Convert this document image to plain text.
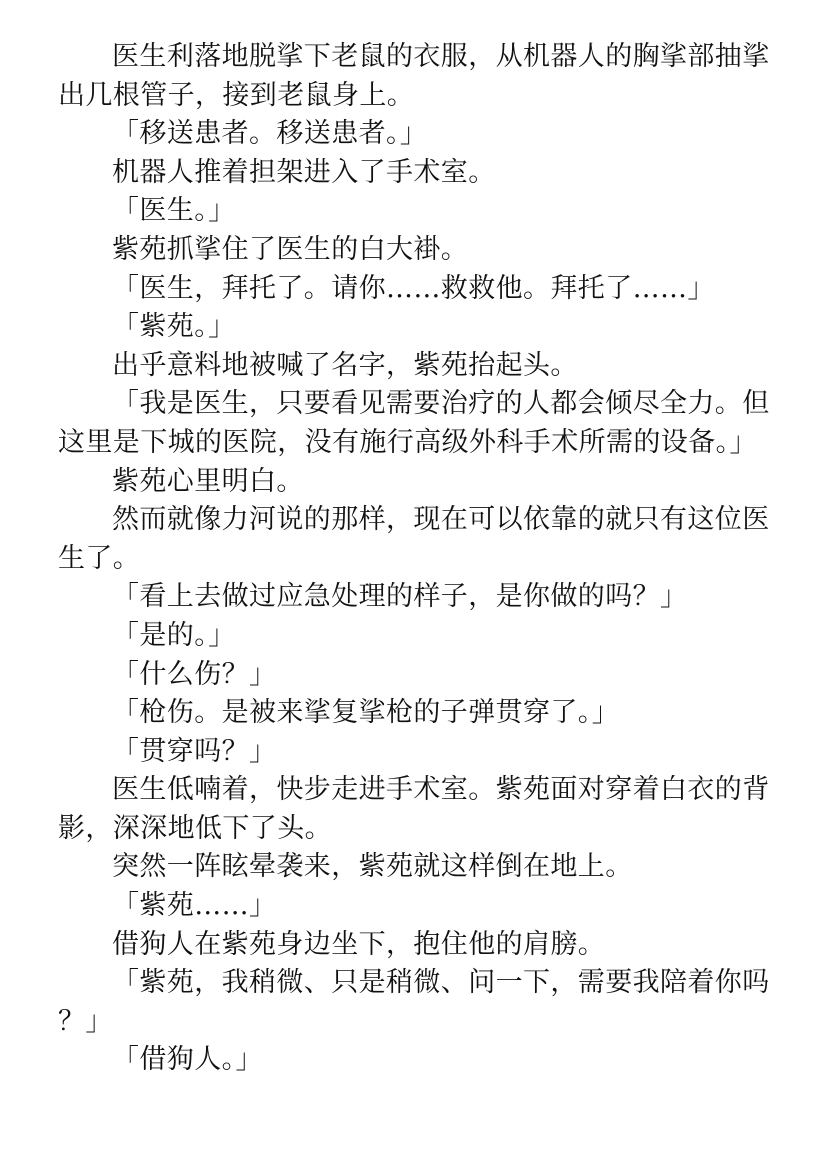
医生利落地脱挲下老鼠的衣服，从机器人的胸挲部抽挲出几根管子，接到老鼠身上。

「移送患者。移送患者。」

机器人推着担架进入了手术室。

「医生。」

紫苑抓挲住了医生的白大褂。

「医生，拜托了。请你……救救他。拜托了……」

「紫苑。」

出乎意料地被喊了名字，紫苑抬起头。

「我是医生，只要看见需要治疗的人都会倾尽全力。但这里是下城的医院，没有施行高级外科手术所需的设备。」

紫苑心里明白。

然而就像力河说的那样，现在可以依靠的就只有这位医生了。

「看上去做过应急处理的样子，是你做的吗？」

「是的。」

「什么伤？」

「枪伤。是被来挲复挲枪的子弹贯穿了。」

「贯穿吗？」

医生低喃着，快步走进手术室。紫苑面对穿着白衣的背影，深深地低下了头。

突然一阵眩晕袭来，紫苑就这样倒在地上。

「紫苑……」

借狗人在紫苑身边坐下，抱住他的肩膀。

「紫苑，我稍微、只是稍微、问一下，需要我陪着你吗？」

「借狗人。」
